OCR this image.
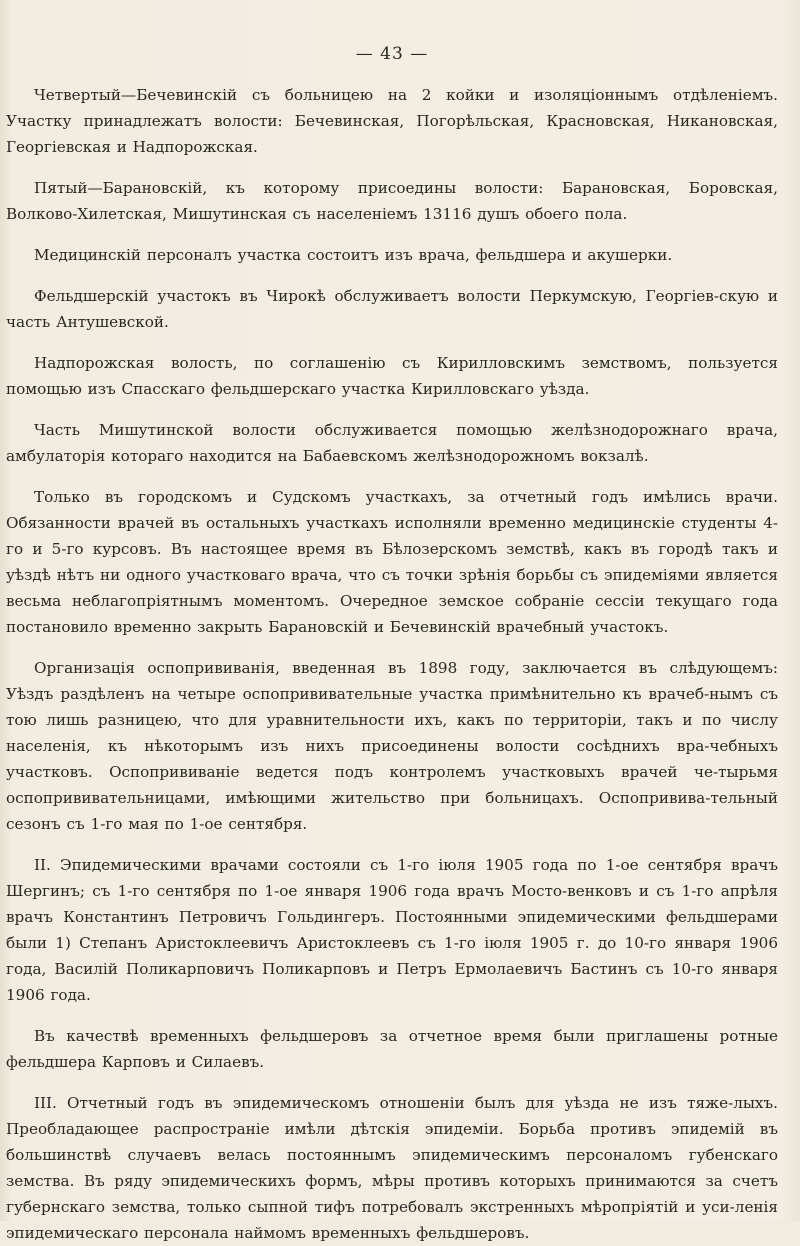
— 43 —

Четвертый—Бечевинскій съ больницею на 2 койки и изоляціоннымъ отдѣленіемъ. Участку принадлежатъ волости: Бечевинская, Погорѣльская, Красновская, Никановская, Георгіевская и Надпорожская.

Пятый—Барановскій, къ которому присоедины волости: Барановская, Боровская, Волково-Хилетская, Мишутинская съ населеніемъ 13116 душъ обоего пола.

Медицинскій персоналъ участка состоитъ изъ врача, фельдшера и акушерки.

Фельдшерскій участокъ въ Чирокѣ обслуживаетъ волости Перкумскую, Георгіев-скую и часть Антушевской.

Надпорожская волость, по соглашенію съ Кирилловскимъ земствомъ, пользуется помощью изъ Спасскаго фельдшерскаго участка Кирилловскаго уѣзда.

Часть Мишутинской волости обслуживается помощью желѣзнодорожнаго врача, амбулаторія котораго находится на Бабаевскомъ желѣзнодорожномъ вокзалѣ.

Только въ городскомъ и Судскомъ участкахъ, за отчетный годъ имѣлись врачи. Обязанности врачей въ остальныхъ участкахъ исполняли временно медицинскіе студенты 4-го и 5-го курсовъ. Въ настоящее время въ Бѣлозерскомъ земствѣ, какъ въ городѣ такъ и уѣздѣ нѣтъ ни одного участковаго врача, что съ точки зрѣнія борьбы съ эпидеміями является весьма неблагопріятнымъ моментомъ. Очередное земское собраніе сессіи текущаго года постановило временно закрыть Барановскій и Бечевинскій врачебный участокъ.

Организація оспопрививанія, введенная въ 1898 году, заключается въ слѣдующемъ: Уѣздъ раздѣленъ на четыре оспопрививательные участка примѣнительно къ врачеб-нымъ съ тою лишь разницею, что для уравнительности ихъ, какъ по территоріи, такъ и по числу населенія, къ нѣкоторымъ изъ нихъ присоединены волости сосѣднихъ вра-чебныхъ участковъ. Оспопрививаніе ведется подъ контролемъ участковыхъ врачей че-тырьмя оспопрививательницами, имѣющими жительство при больницахъ. Оспопривива-тельный сезонъ съ 1-го мая по 1-ое сентября.

II. Эпидемическими врачами состояли съ 1-го іюля 1905 года по 1-ое сентября врачъ Шергинъ; съ 1-го сентября по 1-ое января 1906 года врачъ Мосто-венковъ и съ 1-го апрѣля врачъ Константинъ Петровичъ Гольдингеръ. Постоянными эпидемическими фельдшерами были 1) Степанъ Аристоклеевичъ Аристоклеевъ съ 1-го іюля 1905 г. до 10-го января 1906 года, Василій Поликарповичъ Поликарповъ и Петръ Ермолаевичъ Бастинъ съ 10-го января 1906 года.

Въ качествѣ временныхъ фельдшеровъ за отчетное время были приглашены ротные фельдшера Карповъ и Силаевъ.

III. Отчетный годъ въ эпидемическомъ отношеніи былъ для уѣзда не изъ тяже-лыхъ. Преобладающее распространіе имѣли дѣтскія эпидеміи. Борьба противъ эпидемій въ большинствѣ случаевъ велась постояннымъ эпидемическимъ персоналомъ губенскаго земства. Въ ряду эпидемическихъ формъ, мѣры противъ которыхъ принимаются за счетъ губернскаго земства, только сыпной тифъ потребовалъ экстренныхъ мѣропріятій и уси-ленія эпидемическаго персонала наймомъ временныхъ фельдшеровъ.
